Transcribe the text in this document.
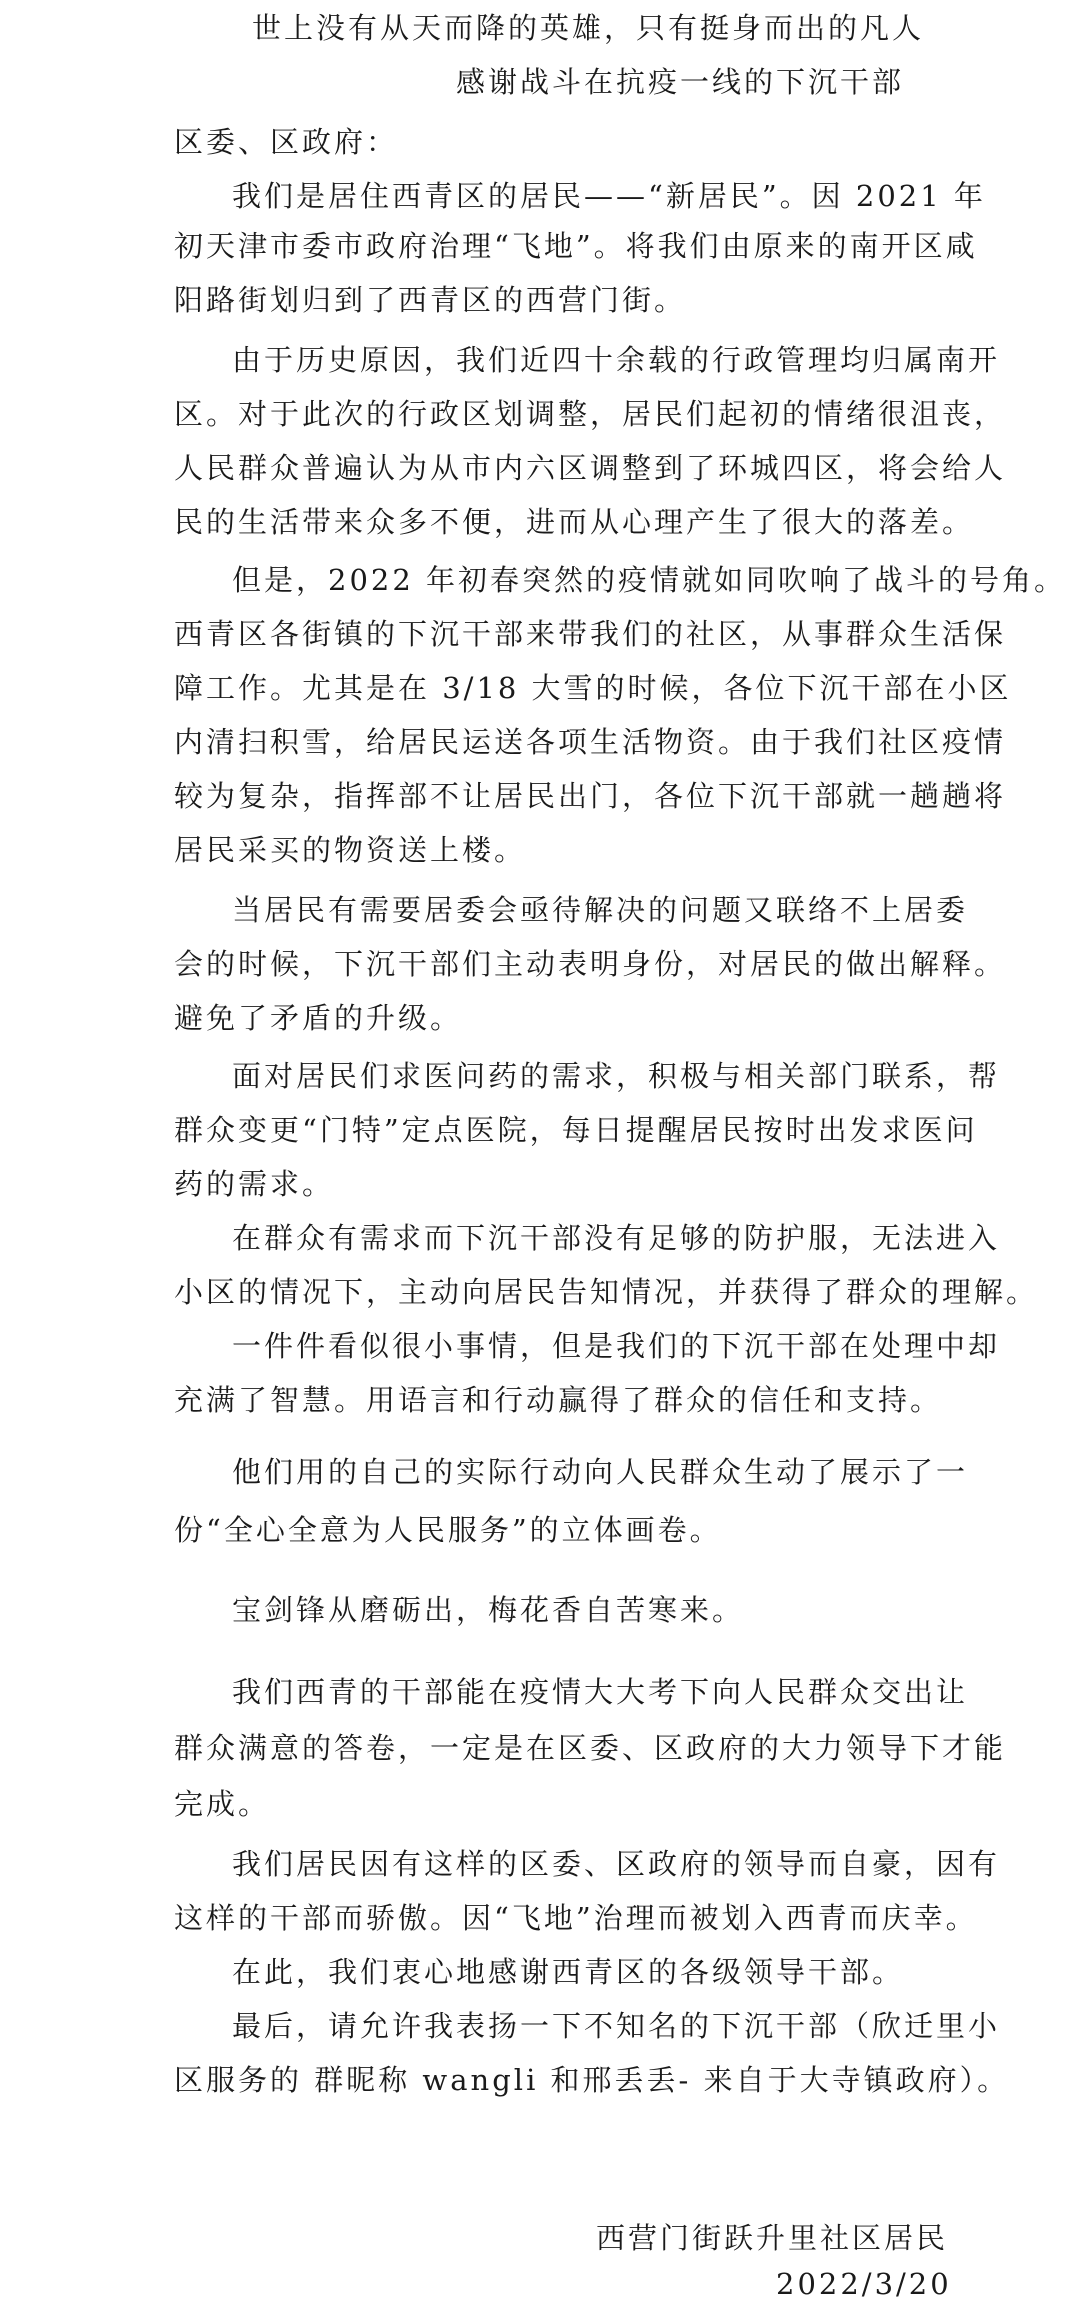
世上没有从天而降的英雄，只有挺身而出的凡人
感谢战斗在抗疫一线的下沉干部
区委、区政府：
我们是居住西青区的居民——“新居民”。因 2021 年
初天津市委市政府治理“飞地”。将我们由原来的南开区咸
阳路街划归到了西青区的西营门街。
由于历史原因，我们近四十余载的行政管理均归属南开
区。对于此次的行政区划调整，居民们起初的情绪很沮丧，
人民群众普遍认为从市内六区调整到了环城四区，将会给人
民的生活带来众多不便，进而从心理产生了很大的落差。
但是，2022 年初春突然的疫情就如同吹响了战斗的号角。
西青区各街镇的下沉干部来带我们的社区，从事群众生活保
障工作。尤其是在 3/18 大雪的时候，各位下沉干部在小区
内清扫积雪，给居民运送各项生活物资。由于我们社区疫情
较为复杂，指挥部不让居民出门，各位下沉干部就一趟趟将
居民采买的物资送上楼。
当居民有需要居委会亟待解决的问题又联络不上居委
会的时候，下沉干部们主动表明身份，对居民的做出解释。
避免了矛盾的升级。
面对居民们求医问药的需求，积极与相关部门联系，帮
群众变更“门特”定点医院，每日提醒居民按时出发求医问
药的需求。
在群众有需求而下沉干部没有足够的防护服，无法进入
小区的情况下，主动向居民告知情况，并获得了群众的理解。
一件件看似很小事情，但是我们的下沉干部在处理中却
充满了智慧。用语言和行动赢得了群众的信任和支持。
他们用的自己的实际行动向人民群众生动了展示了一
份“全心全意为人民服务”的立体画卷。
宝剑锋从磨砺出，梅花香自苦寒来。
我们西青的干部能在疫情大大考下向人民群众交出让
群众满意的答卷，一定是在区委、区政府的大力领导下才能
完成。
我们居民因有这样的区委、区政府的领导而自豪，因有
这样的干部而骄傲。因“飞地”治理而被划入西青而庆幸。
在此，我们衷心地感谢西青区的各级领导干部。
最后，请允许我表扬一下不知名的下沉干部（欣迁里小
区服务的 群昵称 wangli 和邢丢丢- 来自于大寺镇政府）。
西营门街跃升里社区居民
2022/3/20
